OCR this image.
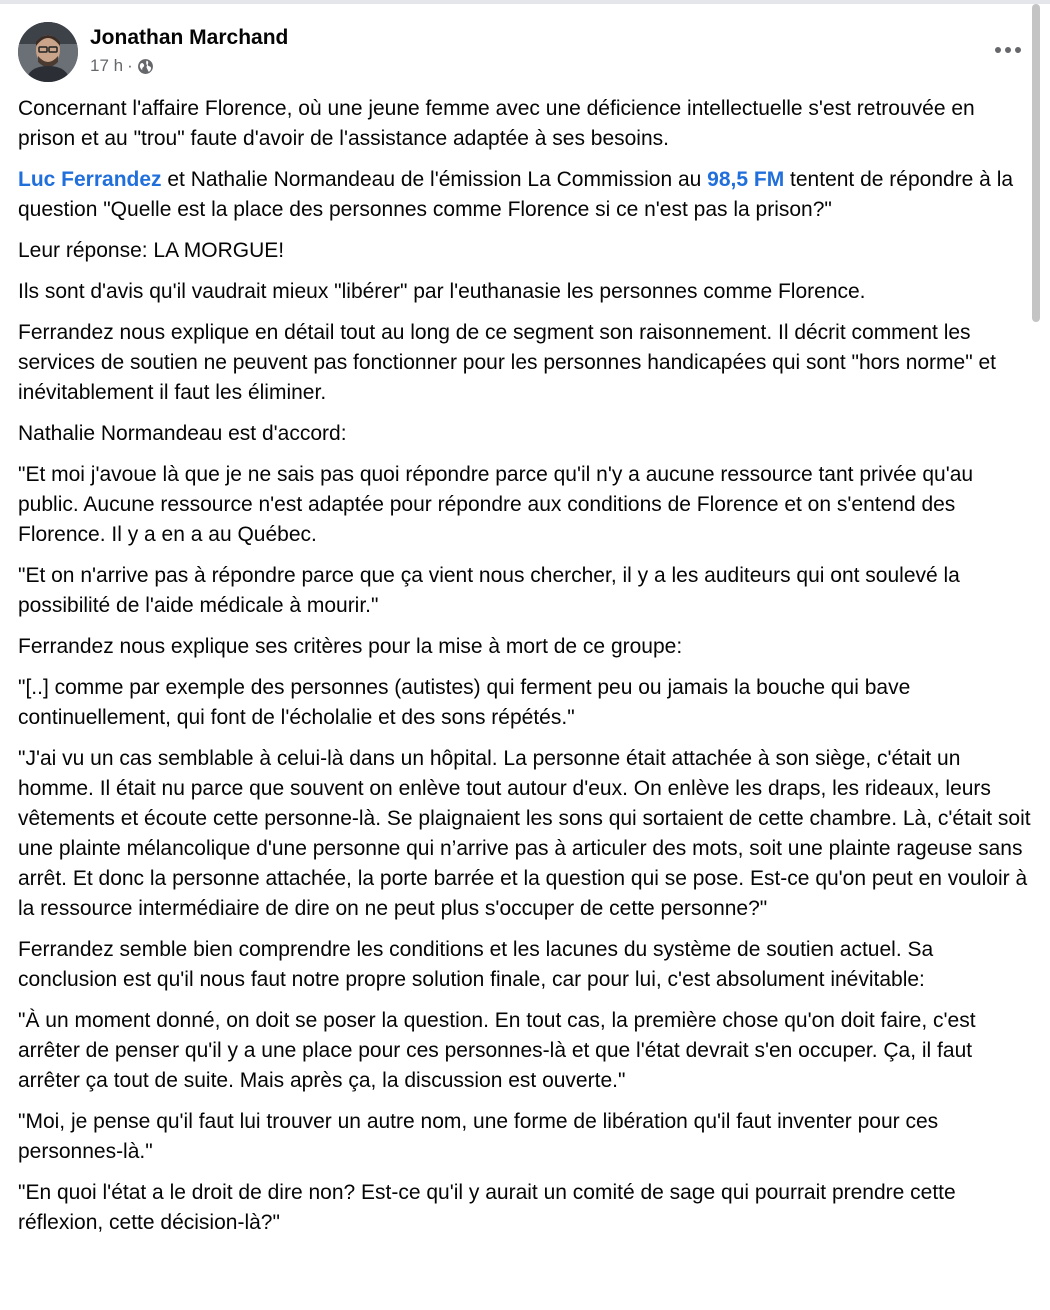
Jonathan Marchand
17 h ·

Concernant l'affaire Florence, où une jeune femme avec une déficience intellectuelle s'est retrouvée en prison et au "trou" faute d'avoir de l'assistance adaptée à ses besoins.

Luc Ferrandez et Nathalie Normandeau de l'émission La Commission au 98,5 FM tentent de répondre à la question "Quelle est la place des personnes comme Florence si ce n'est pas la prison?"

Leur réponse: LA MORGUE!

Ils sont d'avis qu'il vaudrait mieux "libérer" par l'euthanasie les personnes comme Florence.

Ferrandez nous explique en détail tout au long de ce segment son raisonnement. Il décrit comment les services de soutien ne peuvent pas fonctionner pour les personnes handicapées qui sont "hors norme" et inévitablement il faut les éliminer.

Nathalie Normandeau est d'accord:

"Et moi j'avoue là que je ne sais pas quoi répondre parce qu'il n'y a aucune ressource tant privée qu'au public. Aucune ressource n'est adaptée pour répondre aux conditions de Florence et on s'entend des Florence. Il y a en a au Québec.

"Et on n'arrive pas à répondre parce que ça vient nous chercher, il y a les auditeurs qui ont soulevé la possibilité de l'aide médicale à mourir."

Ferrandez nous explique ses critères pour la mise à mort de ce groupe:

"[..] comme par exemple des personnes (autistes) qui ferment peu ou jamais la bouche qui bave continuellement, qui font de l'écholalie et des sons répétés."

"J'ai vu un cas semblable à celui-là dans un hôpital. La personne était attachée à son siège, c'était un homme. Il était nu parce que souvent on enlève tout autour d'eux. On enlève les draps, les rideaux, leurs vêtements et écoute cette personne-là. Se plaignaient les sons qui sortaient de cette chambre. Là, c'était soit une plainte mélancolique d'une personne qui n’arrive pas à articuler des mots, soit une plainte rageuse sans arrêt. Et donc la personne attachée, la porte barrée et la question qui se pose. Est-ce qu'on peut en vouloir à la ressource intermédiaire de dire on ne peut plus s'occuper de cette personne?"

Ferrandez semble bien comprendre les conditions et les lacunes du système de soutien actuel. Sa conclusion est qu'il nous faut notre propre solution finale, car pour lui, c'est absolument inévitable:

"À un moment donné, on doit se poser la question. En tout cas, la première chose qu'on doit faire, c'est arrêter de penser qu'il y a une place pour ces personnes-là et que l'état devrait s'en occuper. Ça, il faut arrêter ça tout de suite. Mais après ça, la discussion est ouverte."

"Moi, je pense qu'il faut lui trouver un autre nom, une forme de libération qu'il faut inventer pour ces personnes-là."

"En quoi l'état a le droit de dire non? Est-ce qu'il y aurait un comité de sage qui pourrait prendre cette réflexion, cette décision-là?"
